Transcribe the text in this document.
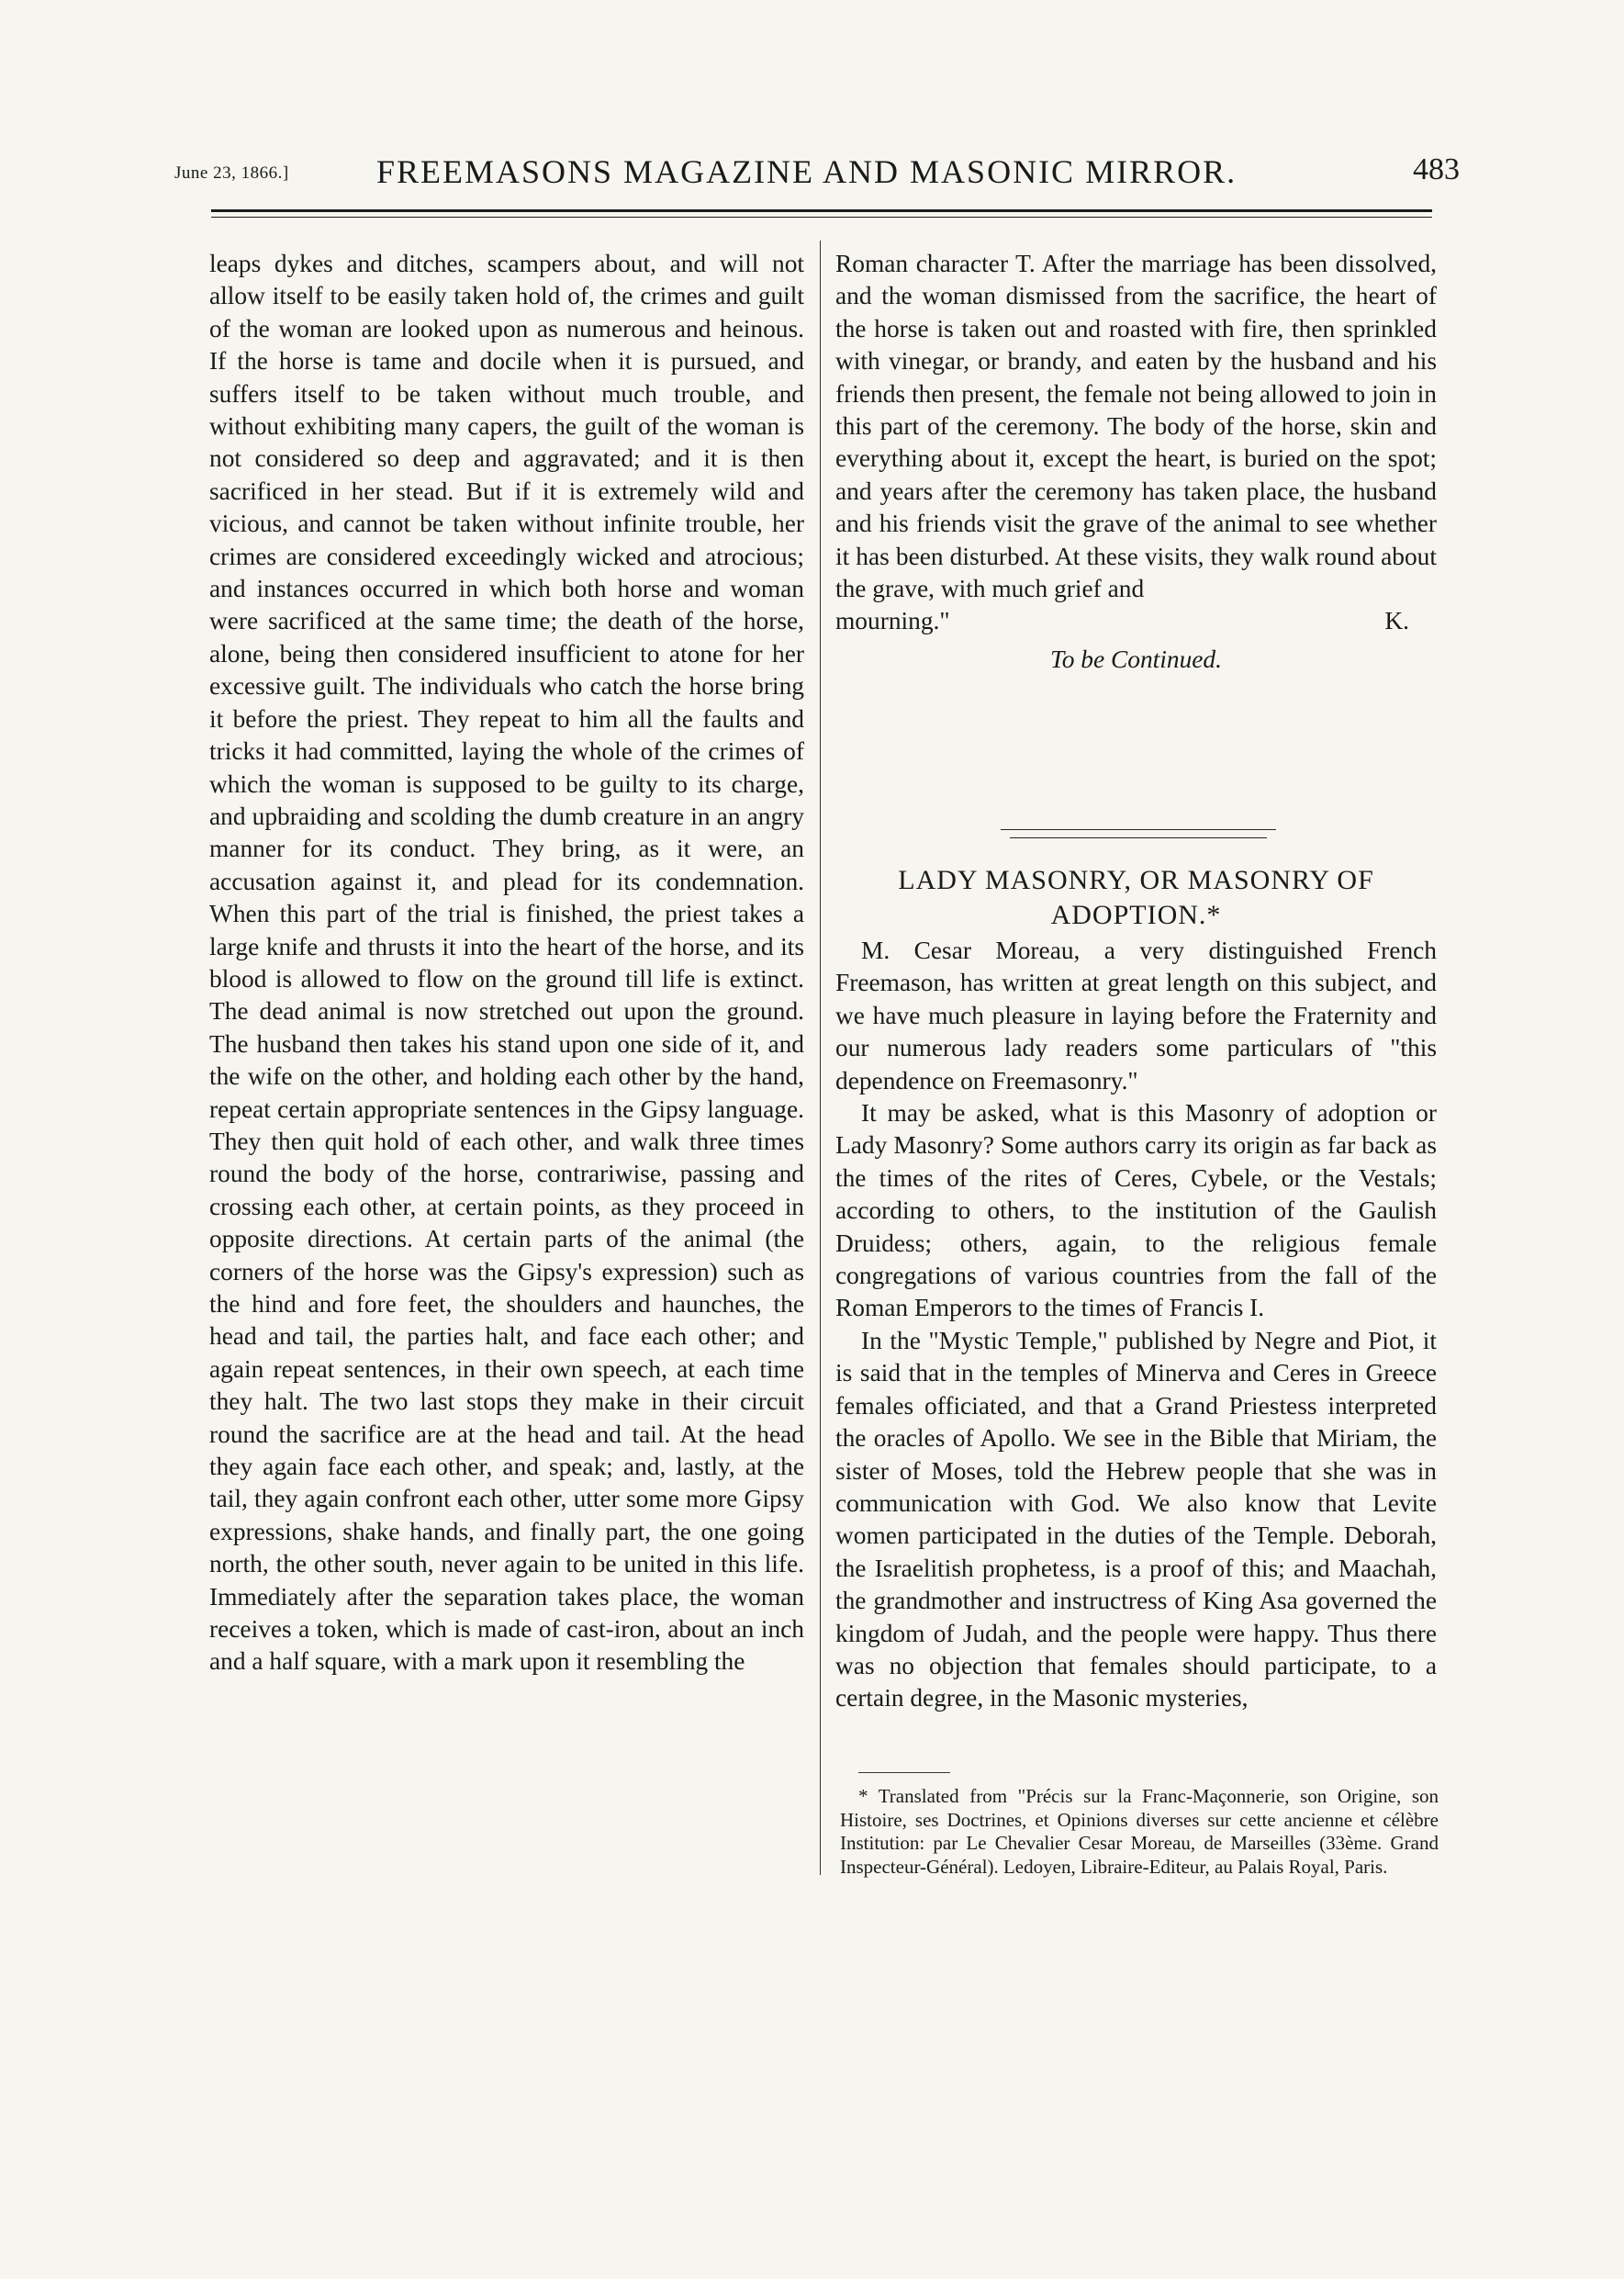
June 23, 1866.]	FREEMASONS MAGAZINE AND MASONIC MIRROR.	483

leaps dykes and ditches, scampers about, and will not allow itself to be easily taken hold of, the crimes and guilt of the woman are looked upon as numerous and heinous. If the horse is tame and docile when it is pursued, and suffers itself to be taken without much trouble, and without exhibiting many capers, the guilt of the woman is not considered so deep and aggravated; and it is then sacrificed in her stead. But if it is extremely wild and vicious, and cannot be taken without infinite trouble, her crimes are considered exceedingly wicked and atrocious; and instances occurred in which both horse and woman were sacrificed at the same time; the death of the horse, alone, being then considered insufficient to atone for her excessive guilt. The individuals who catch the horse bring it before the priest. They repeat to him all the faults and tricks it had committed, laying the whole of the crimes of which the woman is supposed to be guilty to its charge, and upbraiding and scolding the dumb creature in an angry manner for its conduct. They bring, as it were, an accusation against it, and plead for its condemnation. When this part of the trial is finished, the priest takes a large knife and thrusts it into the heart of the horse, and its blood is allowed to flow on the ground till life is extinct. The dead animal is now stretched out upon the ground. The husband then takes his stand upon one side of it, and the wife on the other, and holding each other by the hand, repeat certain appropriate sentences in the Gipsy language. They then quit hold of each other, and walk three times round the body of the horse, contrariwise, passing and crossing each other, at certain points, as they proceed in opposite directions. At certain parts of the animal (the corners of the horse was the Gipsy's expression) such as the hind and fore feet, the shoulders and haunches, the head and tail, the parties halt, and face each other; and again repeat sentences, in their own speech, at each time they halt. The two last stops they make in their circuit round the sacrifice are at the head and tail. At the head they again face each other, and speak; and, lastly, at the tail, they again confront each other, utter some more Gipsy expressions, shake hands, and finally part, the one going north, the other south, never again to be united in this life. Immediately after the separation takes place, the woman receives a token, which is made of cast-iron, about an inch and a half square, with a mark upon it resembling the

Roman character T. After the marriage has been dissolved, and the woman dismissed from the sacrifice, the heart of the horse is taken out and roasted with fire, then sprinkled with vinegar, or brandy, and eaten by the husband and his friends then present, the female not being allowed to join in this part of the ceremony. The body of the horse, skin and everything about it, except the heart, is buried on the spot; and years after the ceremony has taken place, the husband and his friends visit the grave of the animal to see whether it has been disturbed. At these visits, they walk round about the grave, with much grief and

mourning."	K.
To be Continued.
LADY MASONRY, OR MASONRY OF ADOPTION.*

M. Cesar Moreau, a very distinguished French Freemason, has written at great length on this subject, and we have much pleasure in laying before the Fraternity and our numerous lady readers some particulars of "this dependence on Freemasonry."

It may be asked, what is this Masonry of adoption or Lady Masonry? Some authors carry its origin as far back as the times of the rites of Ceres, Cybele, or the Vestals; according to others, to the institution of the Gaulish Druidess; others, again, to the religious female congregations of various countries from the fall of the Roman Emperors to the times of Francis I.

In the "Mystic Temple," published by Negre and Piot, it is said that in the temples of Minerva and Ceres in Greece females officiated, and that a Grand Priestess interpreted the oracles of Apollo. We see in the Bible that Miriam, the sister of Moses, told the Hebrew people that she was in communication with God. We also know that Levite women participated in the duties of the Temple. Deborah, the Israelitish prophetess, is a proof of this; and Maachah, the grandmother and instructress of King Asa governed the kingdom of Judah, and the people were happy. Thus there was no objection that females should participate, to a certain degree, in the Masonic mysteries,

* Translated from "Précis sur la Franc-Maçonnerie, son Origine, son Histoire, ses Doctrines, et Opinions diverses sur cette ancienne et célèbre Institution: par Le Chevalier Cesar Moreau, de Marseilles (33ème. Grand Inspecteur-Général). Ledoyen, Libraire-Editeur, au Palais Royal, Paris.
